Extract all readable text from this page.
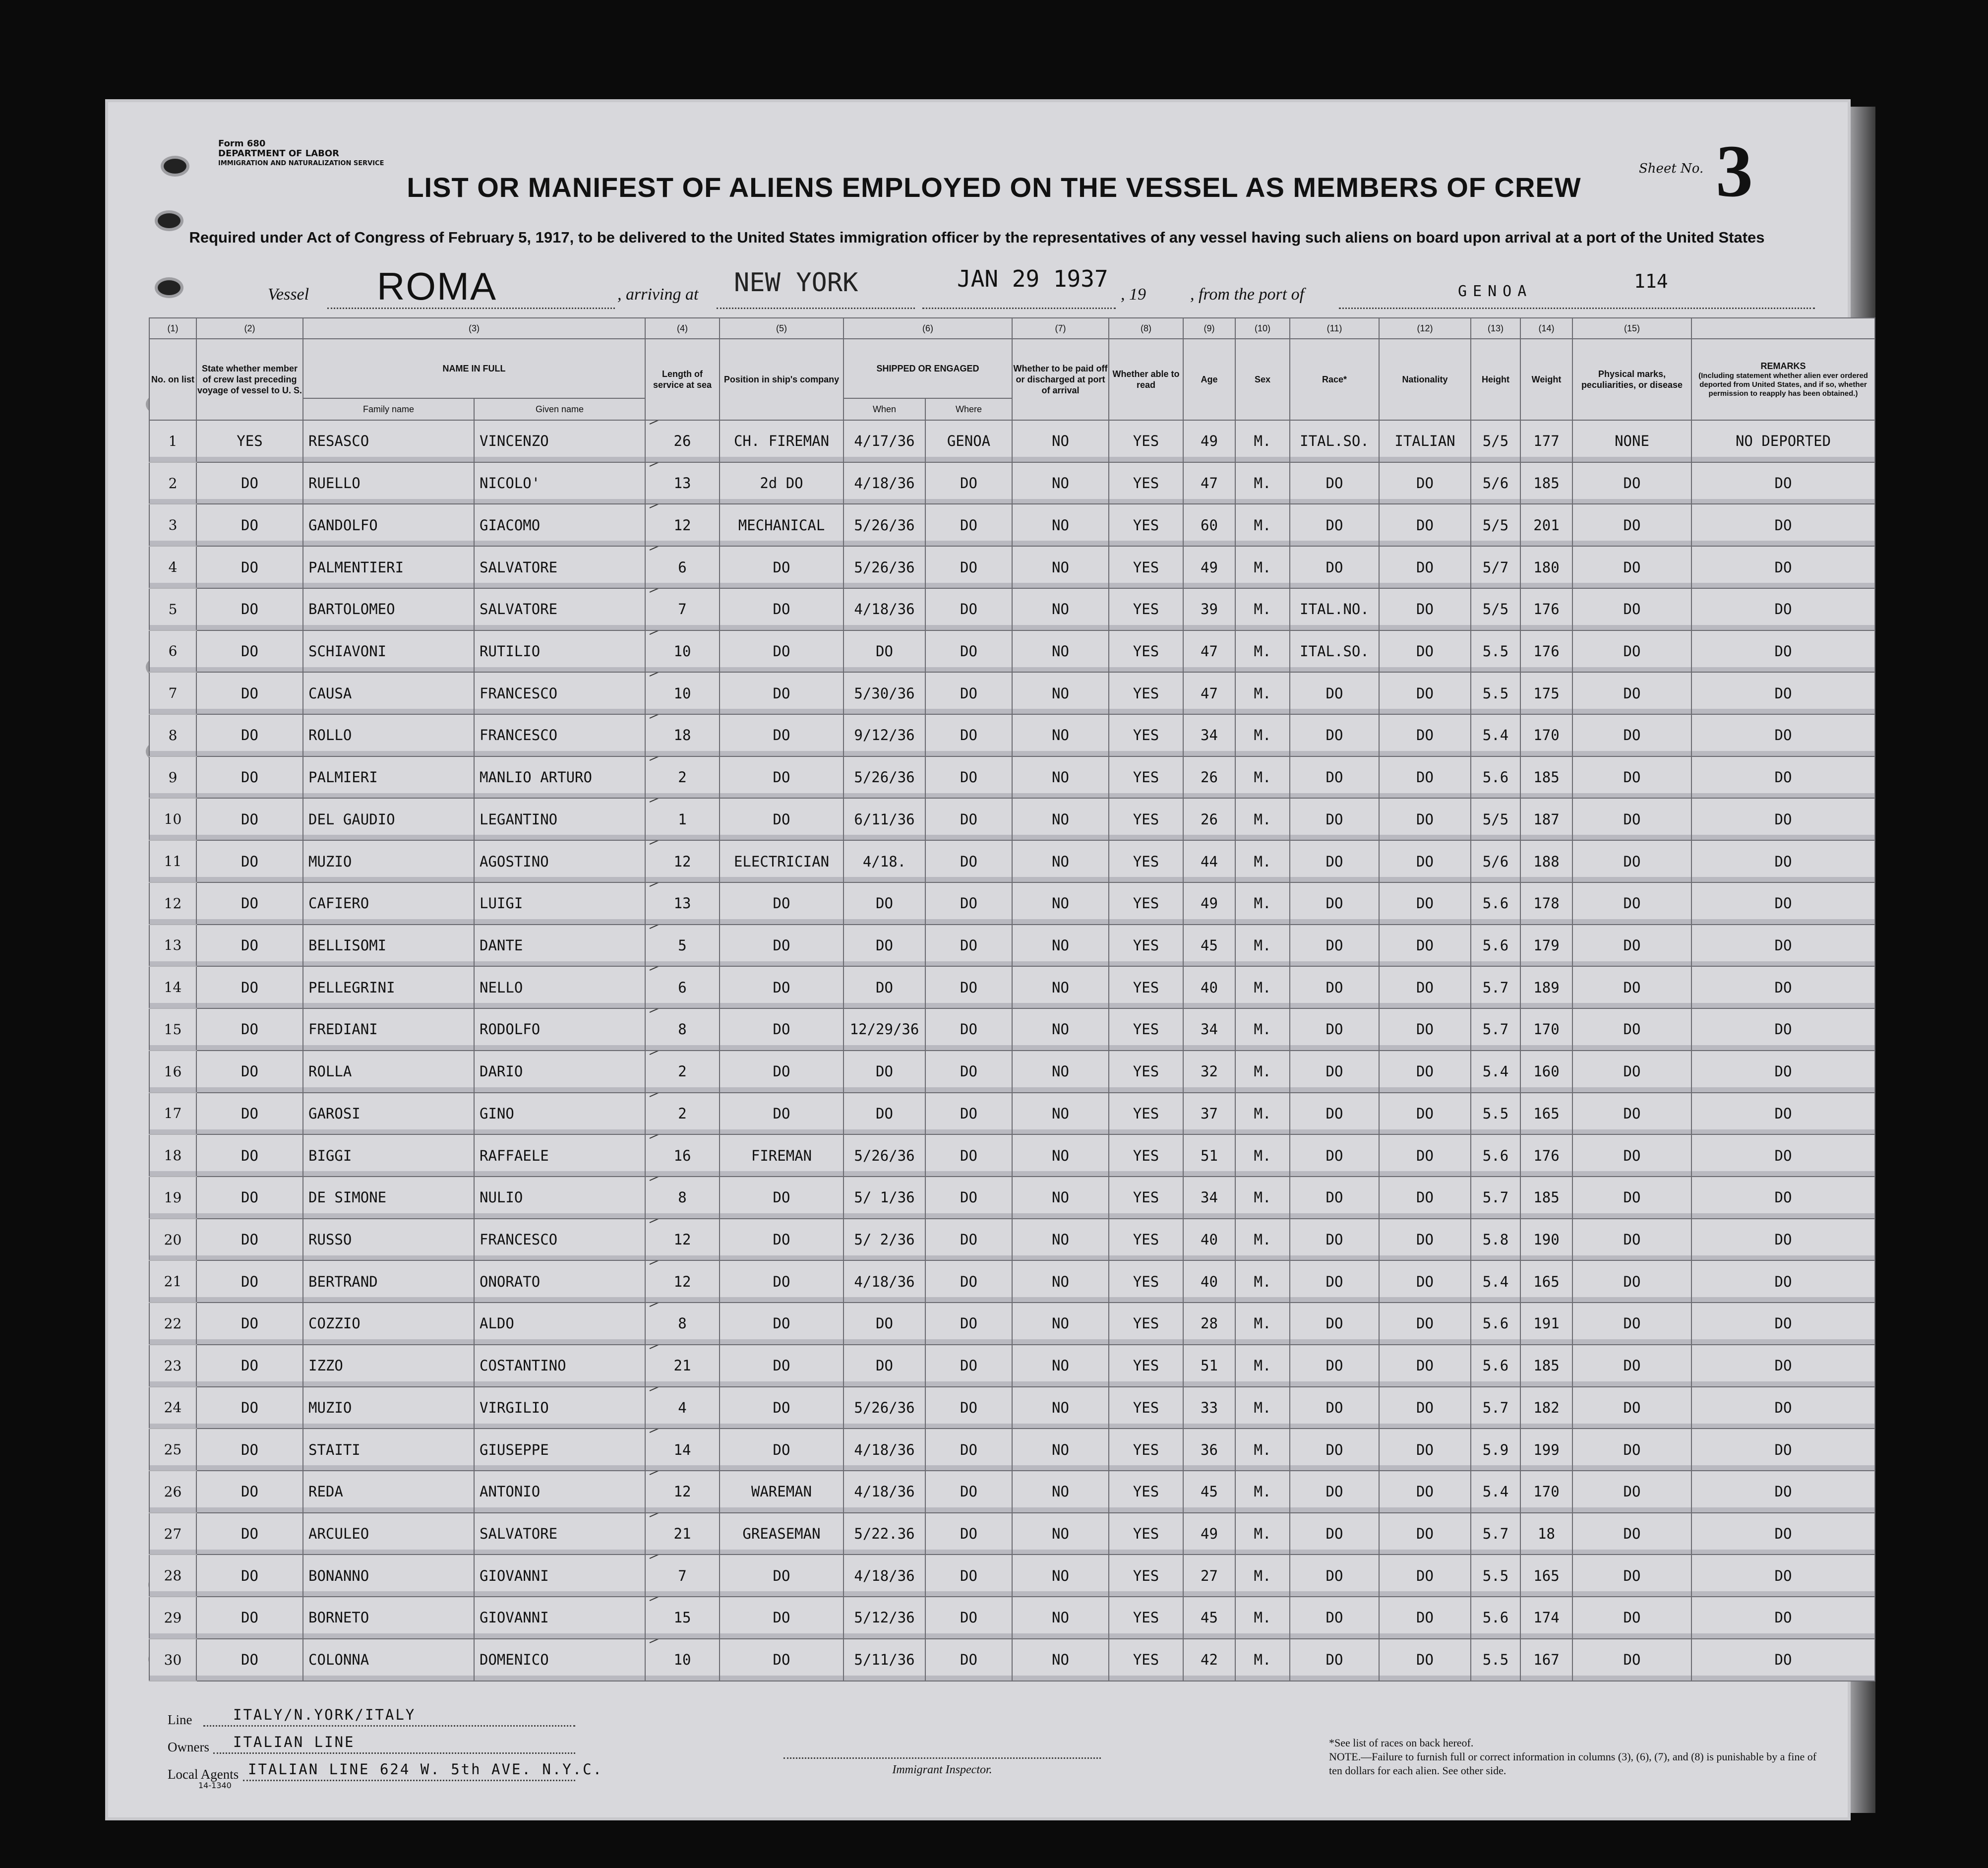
Form 680
DEPARTMENT OF LABOR
IMMIGRATION AND NATURALIZATION SERVICE
LIST OR MANIFEST OF ALIENS EMPLOYED ON THE VESSEL AS MEMBERS OF CREW
Required under Act of Congress of February 5, 1917, to be delivered to the United States immigration officer by the representatives of any vessel having such aliens on board upon arrival at a port of the United States
Sheet No. 3
Vessel ROMA	, arriving at NEW YORK	JAN 29 1937
, 19	, from the port of	GENOA	114
(1)	(2)	(3)		(4)	(5)	(6)		(7)	(8)	(9)	(10)	(11)	(12)	(13)	(14)	(15)	
No. on list	State whether member of crew last preceding voyage of vessel to U. S.	NAME IN FULL		Length of service at sea	Position in ship's company	SHIPPED OR ENGAGED		Whether to be paid off or discharged at port of arrival	Whether able to read	Age	Sex	Race*	Nationality	Height	Weight	Physical marks, peculiarities, or disease	REMARKS
(Including statement whether alien ever ordered deported from United States, and if so, whether permission to reapply has been obtained.)

		Family name	Given name			When	Where										
1	YES	RESASCO	VINCENZO	26	CH. FIREMAN	4/17/36	GENOA	NO	YES	49	M.	ITAL.SO.	ITALIAN	5/5	177	NONE	NO DEPORTED
2	DO	RUELLO	NICOLO'	13	2d DO	4/18/36	DO	NO	YES	47	M.	DO	DO	5/6	185	DO	DO
3	DO	GANDOLFO	GIACOMO	12	MECHANICAL	5/26/36	DO	NO	YES	60	M.	DO	DO	5/5	201	DO	DO
4	DO	PALMENTIERI	SALVATORE	6	DO	5/26/36	DO	NO	YES	49	M.	DO	DO	5/7	180	DO	DO
5	DO	BARTOLOMEO	SALVATORE	7	DO	4/18/36	DO	NO	YES	39	M.	ITAL.NO.	DO	5/5	176	DO	DO
6	DO	SCHIAVONI	RUTILIO	10	DO	DO	DO	NO	YES	47	M.	ITAL.SO.	DO	5.5	176	DO	DO
7	DO	CAUSA	FRANCESCO	10	DO	5/30/36	DO	NO	YES	47	M.	DO	DO	5.5	175	DO	DO
8	DO	ROLLO	FRANCESCO	18	DO	9/12/36	DO	NO	YES	34	M.	DO	DO	5.4	170	DO	DO
9	DO	PALMIERI	MANLIO ARTURO	2	DO	5/26/36	DO	NO	YES	26	M.	DO	DO	5.6	185	DO	DO
10	DO	DEL GAUDIO	LEGANTINO	1	DO	6/11/36	DO	NO	YES	26	M.	DO	DO	5/5	187	DO	DO
11	DO	MUZIO	AGOSTINO	12	ELECTRICIAN	4/18.	DO	NO	YES	44	M.	DO	DO	5/6	188	DO	DO
12	DO	CAFIERO	LUIGI	13	DO	DO	DO	NO	YES	49	M.	DO	DO	5.6	178	DO	DO
13	DO	BELLISOMI	DANTE	5	DO	DO	DO	NO	YES	45	M.	DO	DO	5.6	179	DO	DO
14	DO	PELLEGRINI	NELLO	6	DO	DO	DO	NO	YES	40	M.	DO	DO	5.7	189	DO	DO
15	DO	FREDIANI	RODOLFO	8	DO	12/29/36	DO	NO	YES	34	M.	DO	DO	5.7	170	DO	DO
16	DO	ROLLA	DARIO	2	DO	DO	DO	NO	YES	32	M.	DO	DO	5.4	160	DO	DO
17	DO	GAROSI	GINO	2	DO	DO	DO	NO	YES	37	M.	DO	DO	5.5	165	DO	DO
18	DO	BIGGI	RAFFAELE	16	FIREMAN	5/26/36	DO	NO	YES	51	M.	DO	DO	5.6	176	DO	DO
19	DO	DE SIMONE	NULIO	8	DO	5/ 1/36	DO	NO	YES	34	M.	DO	DO	5.7	185	DO	DO
20	DO	RUSSO	FRANCESCO	12	DO	5/ 2/36	DO	NO	YES	40	M.	DO	DO	5.8	190	DO	DO
21	DO	BERTRAND	ONORATO	12	DO	4/18/36	DO	NO	YES	40	M.	DO	DO	5.4	165	DO	DO
22	DO	COZZIO	ALDO	8	DO	DO	DO	NO	YES	28	M.	DO	DO	5.6	191	DO	DO
23	DO	IZZO	COSTANTINO	21	DO	DO	DO	NO	YES	51	M.	DO	DO	5.6	185	DO	DO
24	DO	MUZIO	VIRGILIO	4	DO	5/26/36	DO	NO	YES	33	M.	DO	DO	5.7	182	DO	DO
25	DO	STAITI	GIUSEPPE	14	DO	4/18/36	DO	NO	YES	36	M.	DO	DO	5.9	199	DO	DO
26	DO	REDA	ANTONIO	12	WAREMAN	4/18/36	DO	NO	YES	45	M.	DO	DO	5.4	170	DO	DO
27	DO	ARCULEO	SALVATORE	21	GREASEMAN	5/22.36	DO	NO	YES	49	M.	DO	DO	5.7	18	DO	DO
28	DO	BONANNO	GIOVANNI	7	DO	4/18/36	DO	NO	YES	27	M.	DO	DO	5.5	165	DO	DO
29	DO	BORNETO	GIOVANNI	15	DO	5/12/36	DO	NO	YES	45	M.	DO	DO	5.6	174	DO	DO
30	DO	COLONNA	DOMENICO	10	DO	5/11/36	DO	NO	YES	42	M.	DO	DO	5.5	167	DO	DO
Line	ITALY/N.YORK/ITALY
Owners ITALIAN LINE
Local Agents ITALIAN LINE 624 W. 5th AVE. N.Y.C.
14-1340
Immigrant Inspector.
*See list of races on back hereof.
NOTE.—Failure to furnish full or correct information in columns (3), (6), (7), and (8) is punishable by a fine of ten dollars for each alien. See other side.
